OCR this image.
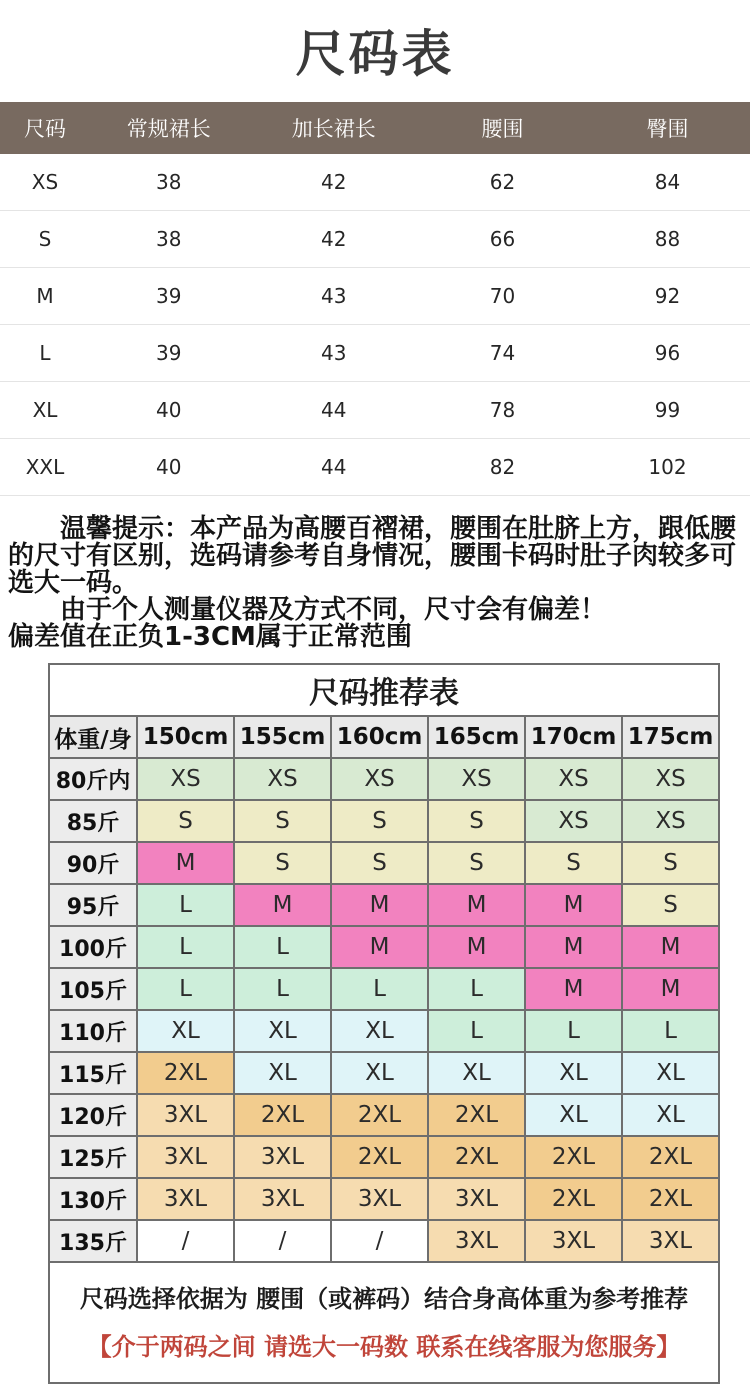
尺码表
尺码	常规裙长	加长裙长	腰围	臀围
XS	38	42	62	84
S	38	42	66	88
M	39	43	70	92
L	39	43	74	96
XL	40	44	78	99
XXL	40	44	82	102

温馨提示：本产品为高腰百褶裙，腰围在肚脐上方，跟低腰的尺寸有区别，选码请参考自身情况，腰围卡码时肚子肉较多可选大一码。

由于个人测量仪器及方式不同，尺寸会有偏差！

偏差值在正负1-3CM属于正常范围

尺码推荐表
体重/身 150cm 155cm 160cm 165cm 170cm 175cm
80斤内	XS	XS	XS	XS	XS	XS
85斤	S	S	S	S	XS	XS
90斤	M	S	S	S	S	S
95斤	L	M	M	M	M	S
100斤	L	L	M	M	M	M
105斤	L	L	L	L	M	M
110斤	XL	XL	XL	L	L	L
115斤	2XL	XL	XL	XL	XL	XL
120斤	3XL	2XL	2XL	2XL	XL	XL
125斤	3XL	3XL	2XL	2XL	2XL	2XL
130斤	3XL	3XL	3XL	3XL	2XL	2XL
135斤	/	/	/	3XL	3XL	3XL
尺码选择依据为 腰围（或裤码）结合身高体重为参考推荐
【介于两码之间 请选大一码数 联系在线客服为您服务】
